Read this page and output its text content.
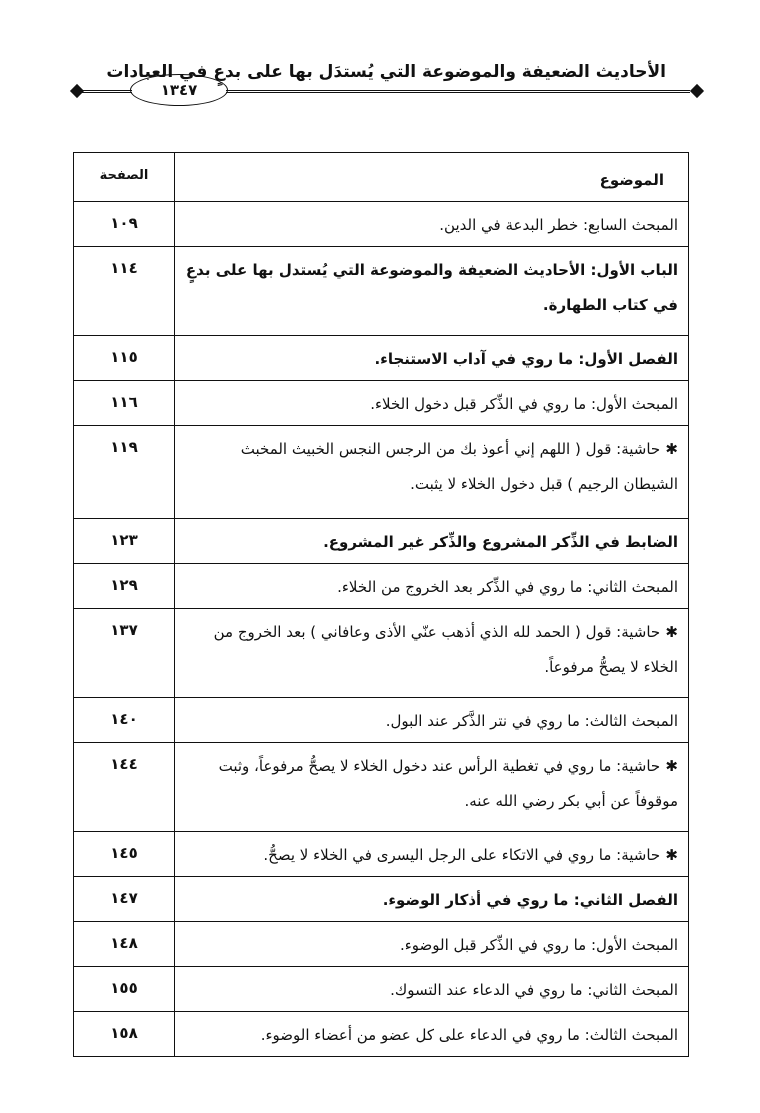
١٣٤٧
الأحاديث الضعيفة والموضوعة التي يُستدَل بها على بدعٍ في العبادات
الموضوع
الصفحة
المبحث السابع: خطر البدعة في الدين.
١٠٩
الباب الأول: الأحاديث الضعيفة والموضوعة التي يُستدل بها على بدعٍ في كتاب الطهارة.
١١٤
الفصل الأول: ما روي في آداب الاستنجاء.
١١٥
المبحث الأول: ما روي في الذِّكر قبل دخول الخلاء.
١١٦
✱ حاشية: قول ( اللهم إني أعوذ بك من الرجس النجس الخبيث المخبث الشيطان الرجيم ) قبل دخول الخلاء لا يثبت.
١١٩
الضابط في الذِّكر المشروع والذِّكر غير المشروع.
١٢٣
المبحث الثاني: ما روي في الذِّكر بعد الخروج من الخلاء.
١٢٩
✱ حاشية: قول ( الحمد لله الذي أذهب عنّي الأذى وعافاني ) بعد الخروج من الخلاء لا يصحُّ مرفوعاً.
١٣٧
المبحث الثالث: ما روي في نتر الذَّكر عند البول.
١٤٠
✱ حاشية: ما روي في تغطية الرأس عند دخول الخلاء لا يصحُّ مرفوعاً، وثبت موقوفاً عن أبي بكر رضي الله عنه.
١٤٤
✱ حاشية: ما روي في الاتكاء على الرجل اليسرى في الخلاء لا يصحُّ.
١٤٥
الفصل الثاني: ما روي في أذكار الوضوء.
١٤٧
المبحث الأول: ما روي في الذِّكر قبل الوضوء.
١٤٨
المبحث الثاني: ما روي في الدعاء عند التسوك.
١٥٥
المبحث الثالث: ما روي في الدعاء على كل عضو من أعضاء الوضوء.
١٥٨
